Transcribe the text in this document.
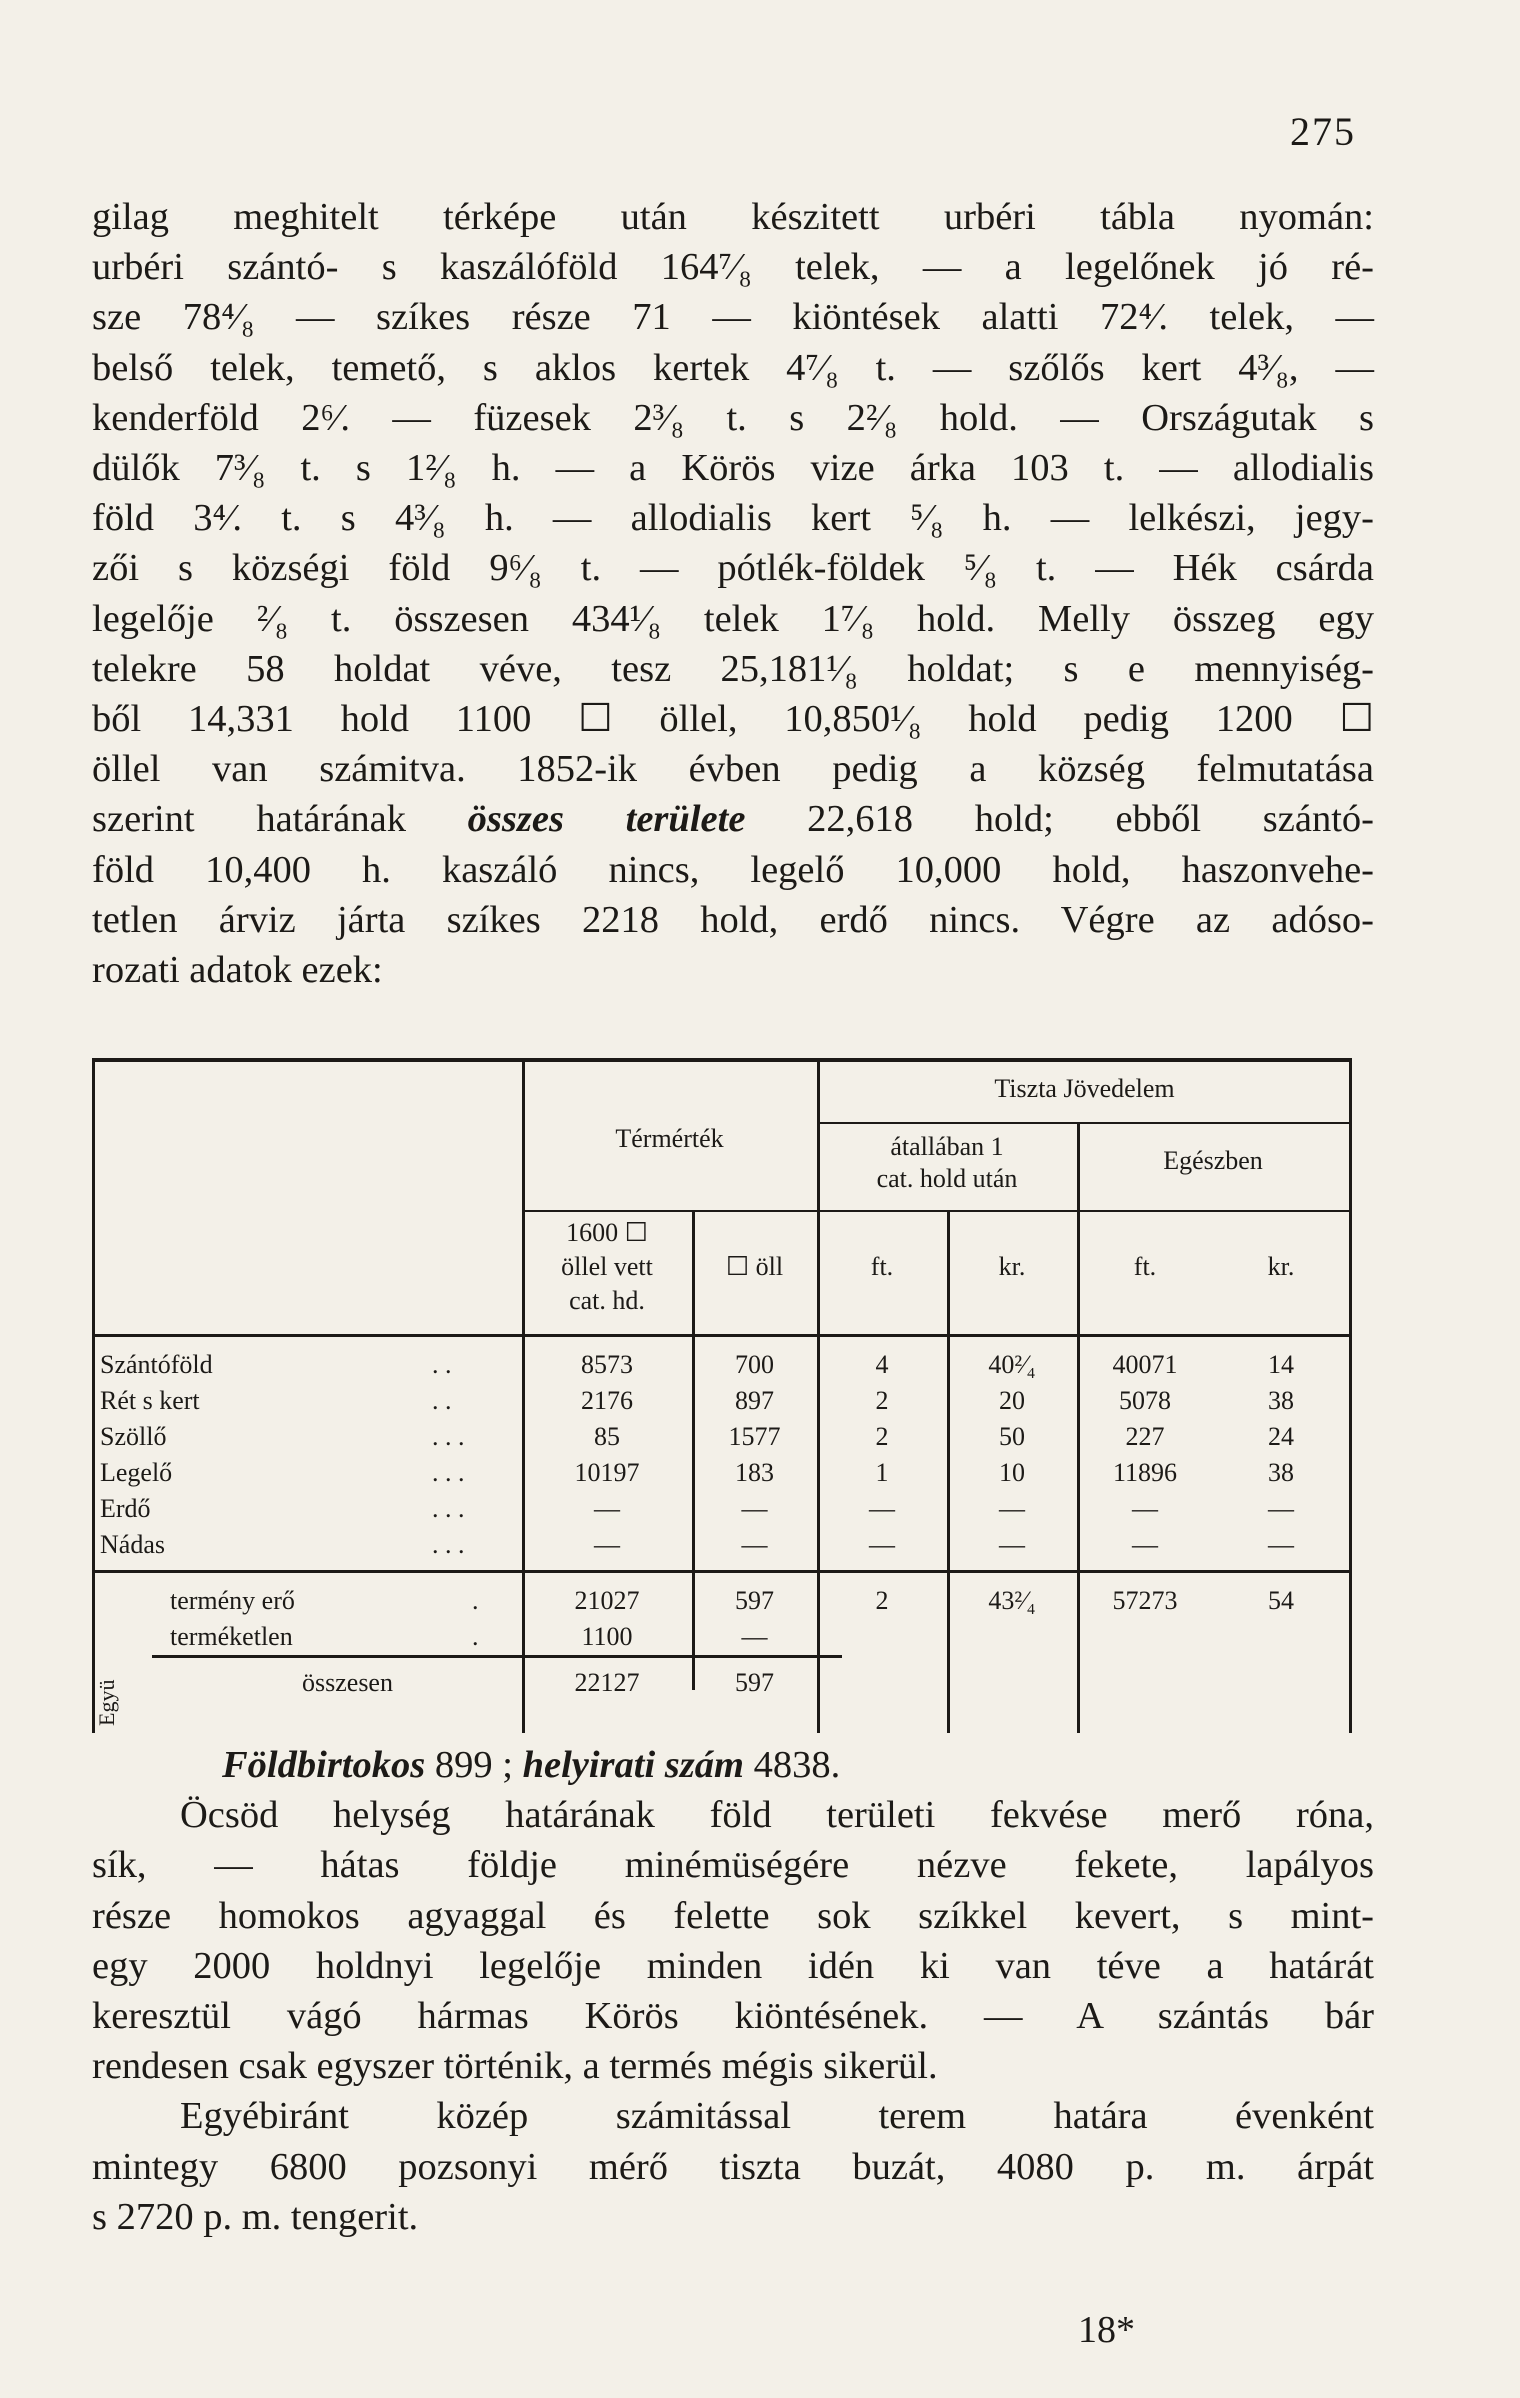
275
gilag meghitelt térképe után készitett urbéri tábla nyomán:
urbéri szántó- s kaszálóföld 164⁷⁄₈ telek, — a legelőnek jó ré-
sze 78⁴⁄₈ — szíkes része 71 — kiöntések alatti 72⁴⁄. telek, —
belső telek, temető, s aklos kertek 4⁷⁄₈ t. — szőlős kert 4³⁄₈, —
kenderföld 2⁶⁄. — füzesek 2³⁄₈ t. s 2²⁄₈ hold. — Országutak s
dülők 7³⁄₈ t. s 1²⁄₈ h. — a Körös vize árka 103 t. — allodialis
föld 3⁴⁄. t. s 4³⁄₈ h. — allodialis kert ⁵⁄₈ h. — lelkészi, jegy-
zői s községi föld 9⁶⁄₈ t. — pótlék-földek ⁵⁄₈ t. — Hék csárda
legelője ²⁄₈ t. összesen 434¹⁄₈ telek 1⁷⁄₈ hold. Melly összeg egy
telekre 58 holdat véve, tesz 25,181¹⁄₈ holdat; s e mennyiség-
ből 14,331 hold 1100 ☐ öllel, 10,850¹⁄₈ hold pedig 1200 ☐
öllel van számitva. 1852-ik évben pedig a község felmutatása
szerint határának összes területe 22,618 hold; ebből szántó-
föld 10,400 h. kaszáló nincs, legelő 10,000 hold, haszonvehe-
tetlen árviz járta szíkes 2218 hold, erdő nincs. Végre az adóso-
rozati adatok ezek:
Térmérték
Tiszta Jövedelem
átallában 1
cat. hold után
Egészben
1600 ☐
öllel vett
cat. hd.
☐ öll	ft.	kr.	ft.	kr.
Szántóföld	. .	8573	700	4	40²⁄₄	40071	14
Rét s kert	. .	2176	897	2	20	5078	38
Szöllő	. . .	85	1577	2	50	227	24
Legelő	. . .	10197	183	1	10	11896	38
Erdő	. . .	—	—	—	—	—	—
Nádas	. . .	—	—	—	—	—	—
termény erő	.	21027	597	2	43²⁄₄	57273	54
terméketlen	.	1100	—
összesen	22127	597
Együ
Földbirtokos 899 ; helyirati szám 4838.
Öcsöd helység határának föld területi fekvése merő róna,
sík, — hátas földje minémüségére nézve fekete, lapályos
része homokos agyaggal és felette sok szíkkel kevert, s mint-
egy 2000 holdnyi legelője minden idén ki van téve a határát
keresztül vágó hármas Körös kiöntésének. — A szántás bár
rendesen csak egyszer történik, a termés mégis sikerül.
Egyébiránt közép számitással terem határa évenként
mintegy 6800 pozsonyi mérő tiszta buzát, 4080 p. m. árpát
s 2720 p. m. tengerit.
18*
